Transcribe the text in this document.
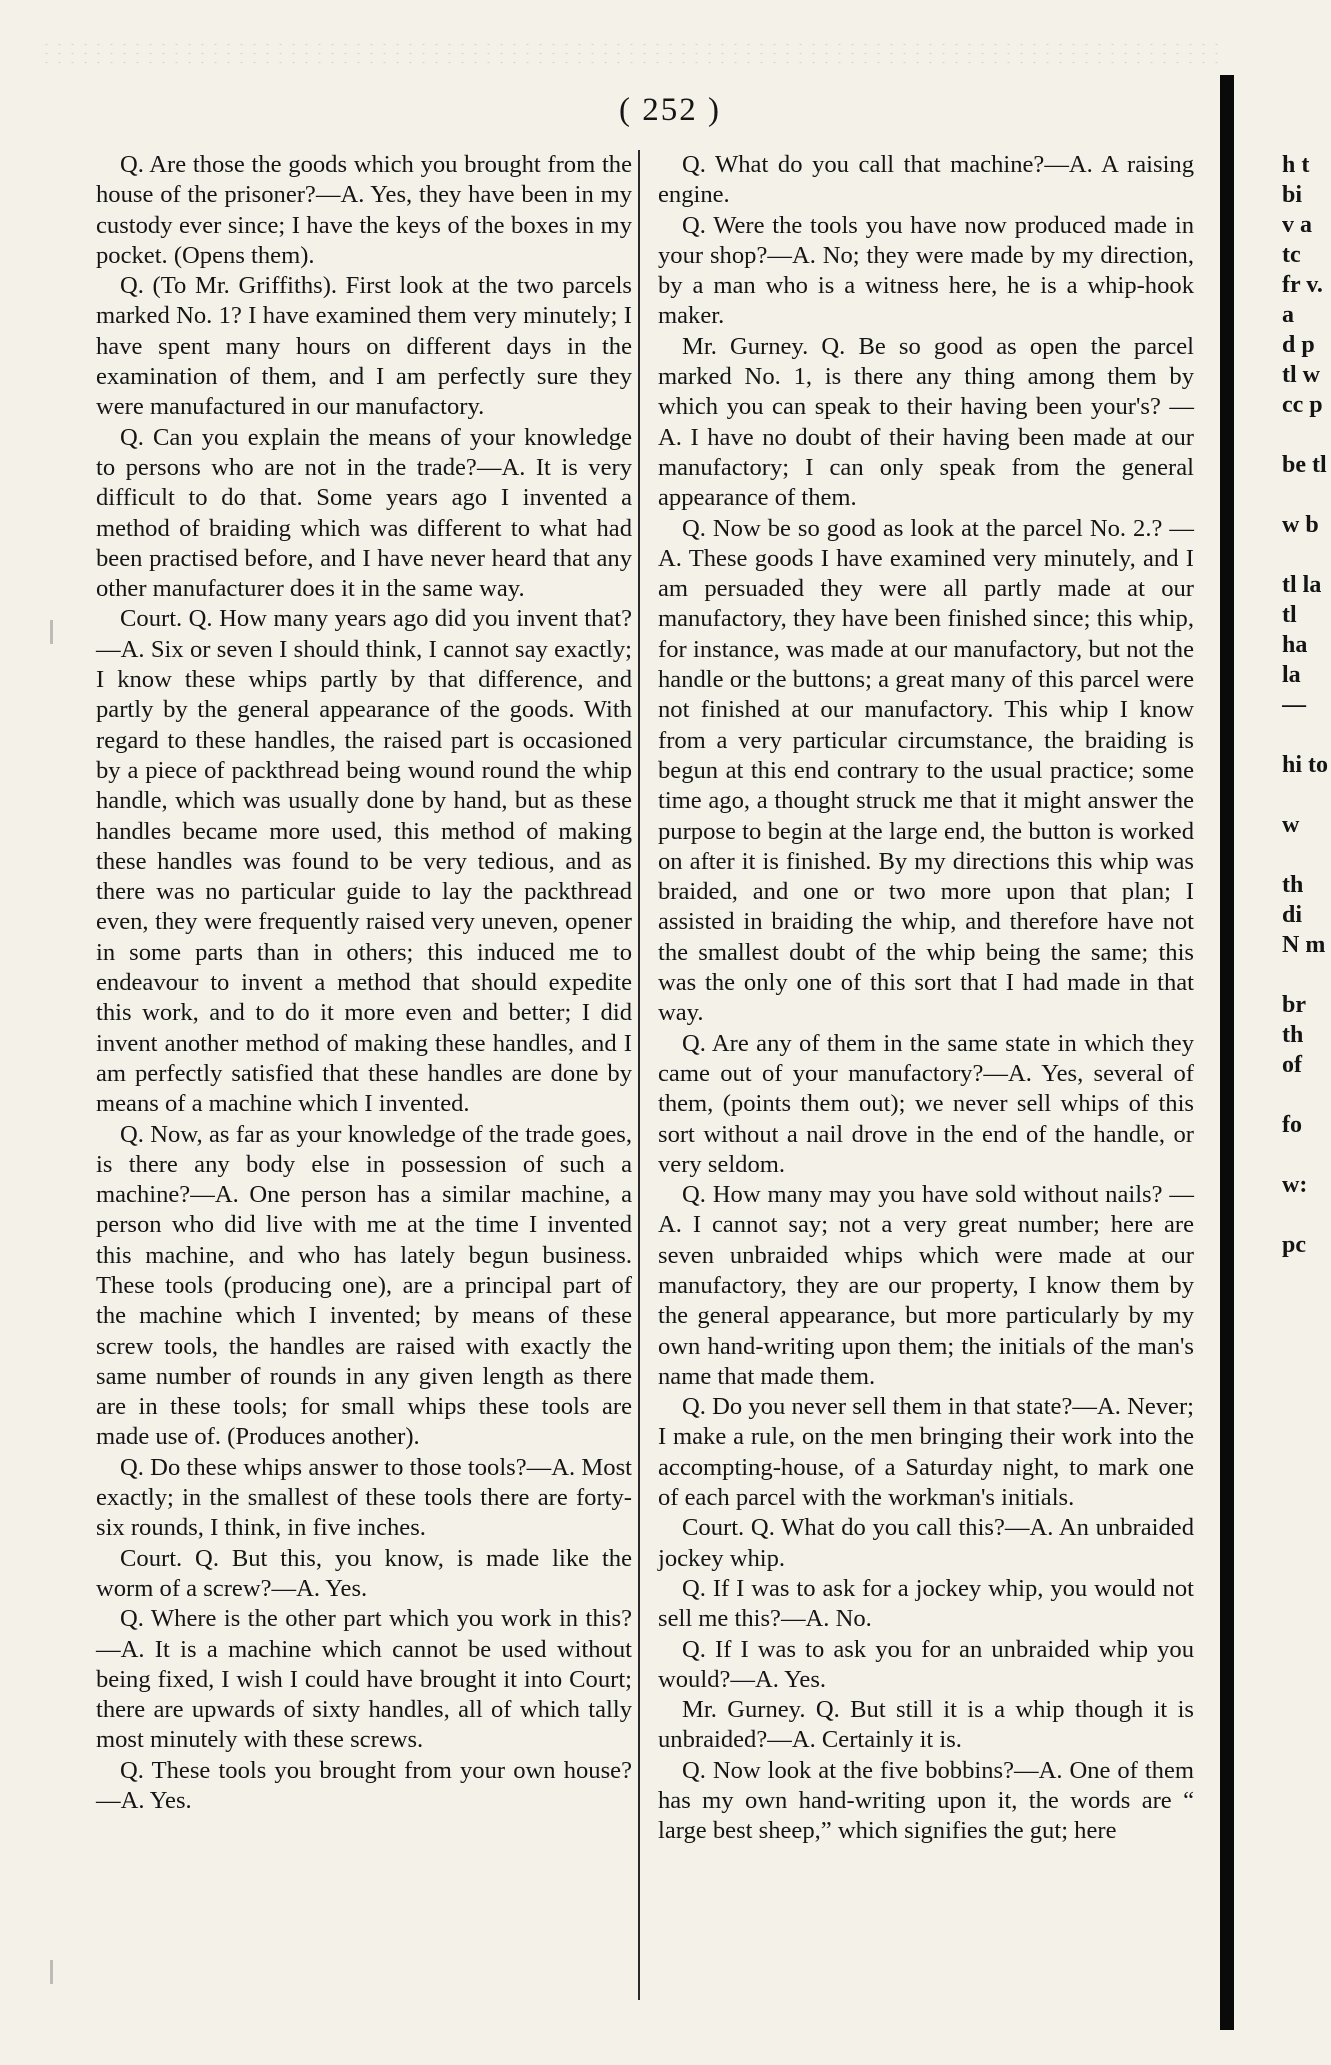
( 252 )

Q. Are those the goods which you brought from the house of the prisoner?—A. Yes, they have been in my custody ever since; I have the keys of the boxes in my pocket. (Opens them).

Q. (To Mr. Griffiths). First look at the two parcels marked No. 1? I have examined them very minutely; I have spent many hours on different days in the examination of them, and I am perfectly sure they were manufactured in our manufactory.

Q. Can you explain the means of your knowledge to persons who are not in the trade?—A. It is very difficult to do that. Some years ago I invented a method of braiding which was different to what had been practised before, and I have never heard that any other manufacturer does it in the same way.

Court. Q. How many years ago did you invent that?—A. Six or seven I should think, I cannot say exactly; I know these whips partly by that difference, and partly by the general appearance of the goods. With regard to these handles, the raised part is occasioned by a piece of packthread being wound round the whip handle, which was usually done by hand, but as these handles became more used, this method of making these handles was found to be very tedious, and as there was no particular guide to lay the packthread even, they were frequently raised very uneven, opener in some parts than in others; this induced me to endeavour to invent a method that should expedite this work, and to do it more even and better; I did invent another method of making these handles, and I am perfectly satisfied that these handles are done by means of a machine which I invented.

Q. Now, as far as your knowledge of the trade goes, is there any body else in possession of such a machine?—A. One person has a similar machine, a person who did live with me at the time I invented this machine, and who has lately begun business. These tools (producing one), are a principal part of the machine which I invented; by means of these screw tools, the handles are raised with exactly the same number of rounds in any given length as there are in these tools; for small whips these tools are made use of. (Produces another).

Q. Do these whips answer to those tools?—A. Most exactly; in the smallest of these tools there are forty-six rounds, I think, in five inches.

Court. Q. But this, you know, is made like the worm of a screw?—A. Yes.

Q. Where is the other part which you work in this?—A. It is a machine which cannot be used without being fixed, I wish I could have brought it into Court; there are upwards of sixty handles, all of which tally most minutely with these screws.

Q. These tools you brought from your own house?—A. Yes.

Q. What do you call that machine?—A. A raising engine.

Q. Were the tools you have now produced made in your shop?—A. No; they were made by my direction, by a man who is a witness here, he is a whip-hook maker.

Mr. Gurney. Q. Be so good as open the parcel marked No. 1, is there any thing among them by which you can speak to their having been your's? —A. I have no doubt of their having been made at our manufactory; I can only speak from the general appearance of them.

Q. Now be so good as look at the parcel No. 2.? —A. These goods I have examined very minutely, and I am persuaded they were all partly made at our manufactory, they have been finished since; this whip, for instance, was made at our manufactory, but not the handle or the buttons; a great many of this parcel were not finished at our manufactory. This whip I know from a very particular circumstance, the braiding is begun at this end contrary to the usual practice; some time ago, a thought struck me that it might answer the purpose to begin at the large end, the button is worked on after it is finished. By my directions this whip was braided, and one or two more upon that plan; I assisted in braiding the whip, and therefore have not the smallest doubt of the whip being the same; this was the only one of this sort that I had made in that way.

Q. Are any of them in the same state in which they came out of your manufactory?—A. Yes, several of them, (points them out); we never sell whips of this sort without a nail drove in the end of the handle, or very seldom.

Q. How many may you have sold without nails? —A. I cannot say; not a very great number; here are seven unbraided whips which were made at our manufactory, they are our property, I know them by the general appearance, but more particularly by my own hand-writing upon them; the initials of the man's name that made them.

Q. Do you never sell them in that state?—A. Never; I make a rule, on the men bringing their work into the accompting-house, of a Saturday night, to mark one of each parcel with the workman's initials.

Court. Q. What do you call this?—A. An unbraided jockey whip.

Q. If I was to ask for a jockey whip, you would not sell me this?—A. No.

Q. If I was to ask you for an unbraided whip you would?—A. Yes.

Mr. Gurney. Q. But still it is a whip though it is unbraided?—A. Certainly it is.

Q. Now look at the five bobbins?—A. One of them has my own hand-writing upon it, the words are “ large best sheep,” which signifies the gut; here

h t bi
v a tc
fr v. a
d p tl w
cc p
be tl
w b
tl la tl
ha la
—
hi to
w
th di
N m
br th
of
fo
w:
pc
